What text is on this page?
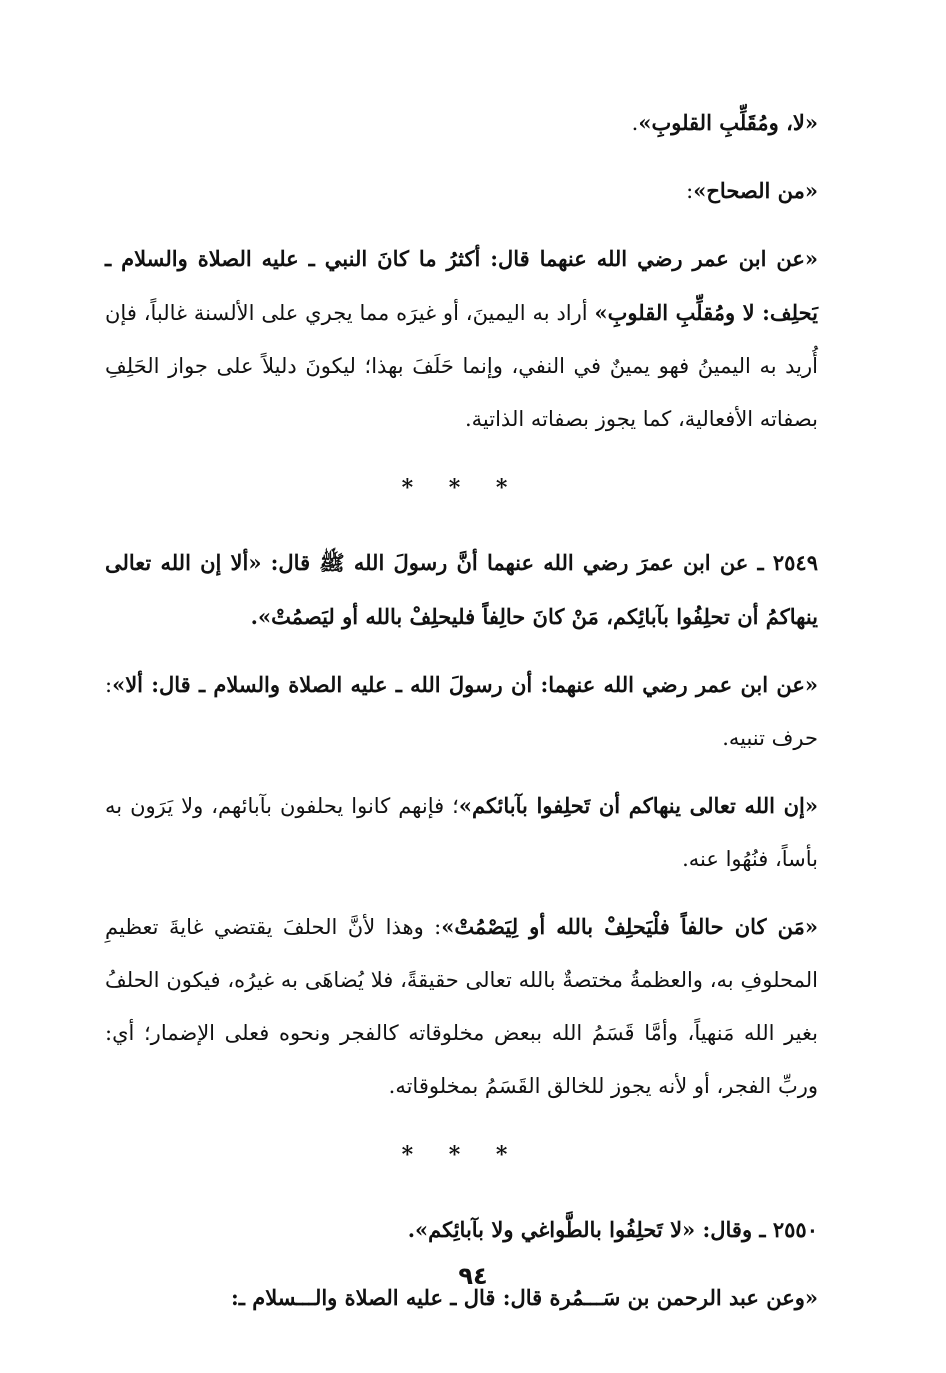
«لا، ومُقَلِّبِ القلوبِ».

«من الصحاح»:

«عن ابن عمر رضي الله عنهما قال: أكثرُ ما كانَ النبي ـ عليه الصلاة والسلام ـ يَحلِف: لا ومُقلِّبِ القلوبِ» أراد به اليمينَ، أو غيرَه مما يجري على الألسنة غالباً، فإن أُريد به اليمينُ فهو يمينٌ في النفي، وإنما حَلَفَ بهذا؛ ليكونَ دليلاً على جواز الحَلِفِ بصفاته الأفعالية، كما يجوز بصفاته الذاتية.

* * *

٢٥٤٩ ـ عن ابن عمرَ رضي الله عنهما أنَّ رسولَ الله ﷺ قال: «ألا إن الله تعالى ينهاكمُ أن تحلِفُوا بآبائِكم، مَنْ كانَ حالِفاً فليحلِفْ بالله أو ليَصمُتْ».

«عن ابن عمر رضي الله عنهما: أن رسولَ الله ـ عليه الصلاة والسلام ـ قال: ألا»: حرف تنبيه.

«إن الله تعالى ينهاكم أن تَحلِفوا بآبائكم»؛ فإنهم كانوا يحلفون بآبائهم، ولا يَرَون به بأساً، فنُهُوا عنه.

«مَن كان حالفاً فلْيَحلِفْ بالله أو لِيَصْمُتْ»: وهذا لأنَّ الحلفَ يقتضي غايةَ تعظيمِ المحلوفِ به، والعظمةُ مختصةٌ بالله تعالى حقيقةً، فلا يُضاهَى به غيرُه، فيكون الحلفُ بغير الله مَنهياً، وأمَّا قَسَمُ الله ببعض مخلوقاته كالفجر ونحوه فعلى الإضمار؛ أي: وربِّ الفجر، أو لأنه يجوز للخالق القَسَمُ بمخلوقاته.

* * *

٢٥٥٠ ـ وقال: «لا تَحلِفُوا بالطَّواغي ولا بآبائِكم».

«وعن عبد الرحمن بن سَـــمُرة قال: قال ـ عليه الصلاة والـــسلام ـ:

٩٤
